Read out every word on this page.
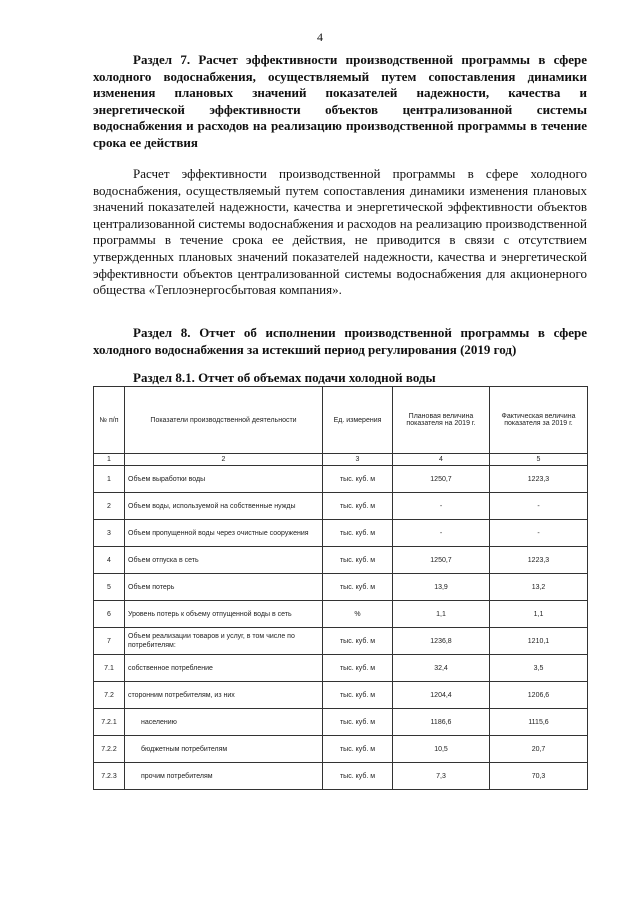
4
Раздел 7. Расчет эффективности производственной программы в сфере холодного водоснабжения, осуществляемый путем сопоставления динамики изменения плановых значений показателей надежности, качества и энергетической эффективности объектов централизованной системы водоснабжения и расходов на реализацию производственной программы в течение срока ее действия
Расчет эффективности производственной программы в сфере холодного водоснабжения, осуществляемый путем сопоставления динамики изменения плановых значений показателей надежности, качества и энергетической эффективности объектов централизованной системы водоснабжения и расходов на реализацию производственной программы в течение срока ее действия, не приводится в связи с отсутствием утвержденных плановых значений показателей надежности, качества и энергетической эффективности объектов централизованной системы водоснабжения для акционерного общества «Теплоэнергосбытовая компания».
Раздел 8. Отчет об исполнении производственной программы в сфере холодного водоснабжения за истекший период регулирования (2019 год)
Раздел 8.1. Отчет об объемах подачи холодной воды
№ п/п	Показатели производственной деятельности	Ед. измерения	Плановая величина показателя на 2019 г.	Фактическая величина показателя за 2019 г.
1	2	3	4	5
1	Объем выработки воды	тыс. куб. м	1250,7	1223,3
2	Объем воды, используемой на собственные нужды	тыс. куб. м	-	-
3	Объем пропущенной воды через очистные сооружения	тыс. куб. м	-	-
4	Объем отпуска в сеть	тыс. куб. м	1250,7	1223,3
5	Объем потерь	тыс. куб. м	13,9	13,2
6	Уровень потерь к объему отпущенной воды в сеть	%	1,1	1,1
7	Объем реализации товаров и услуг, в том числе по потребителям:	тыс. куб. м	1236,8	1210,1
7.1	собственное потребление	тыс. куб. м	32,4	3,5
7.2	сторонним потребителям, из них	тыс. куб. м	1204,4	1206,6
7.2.1	населению	тыс. куб. м	1186,6	1115,6
7.2.2	бюджетным потребителям	тыс. куб. м	10,5	20,7
7.2.3	прочим потребителям	тыс. куб. м	7,3	70,3
